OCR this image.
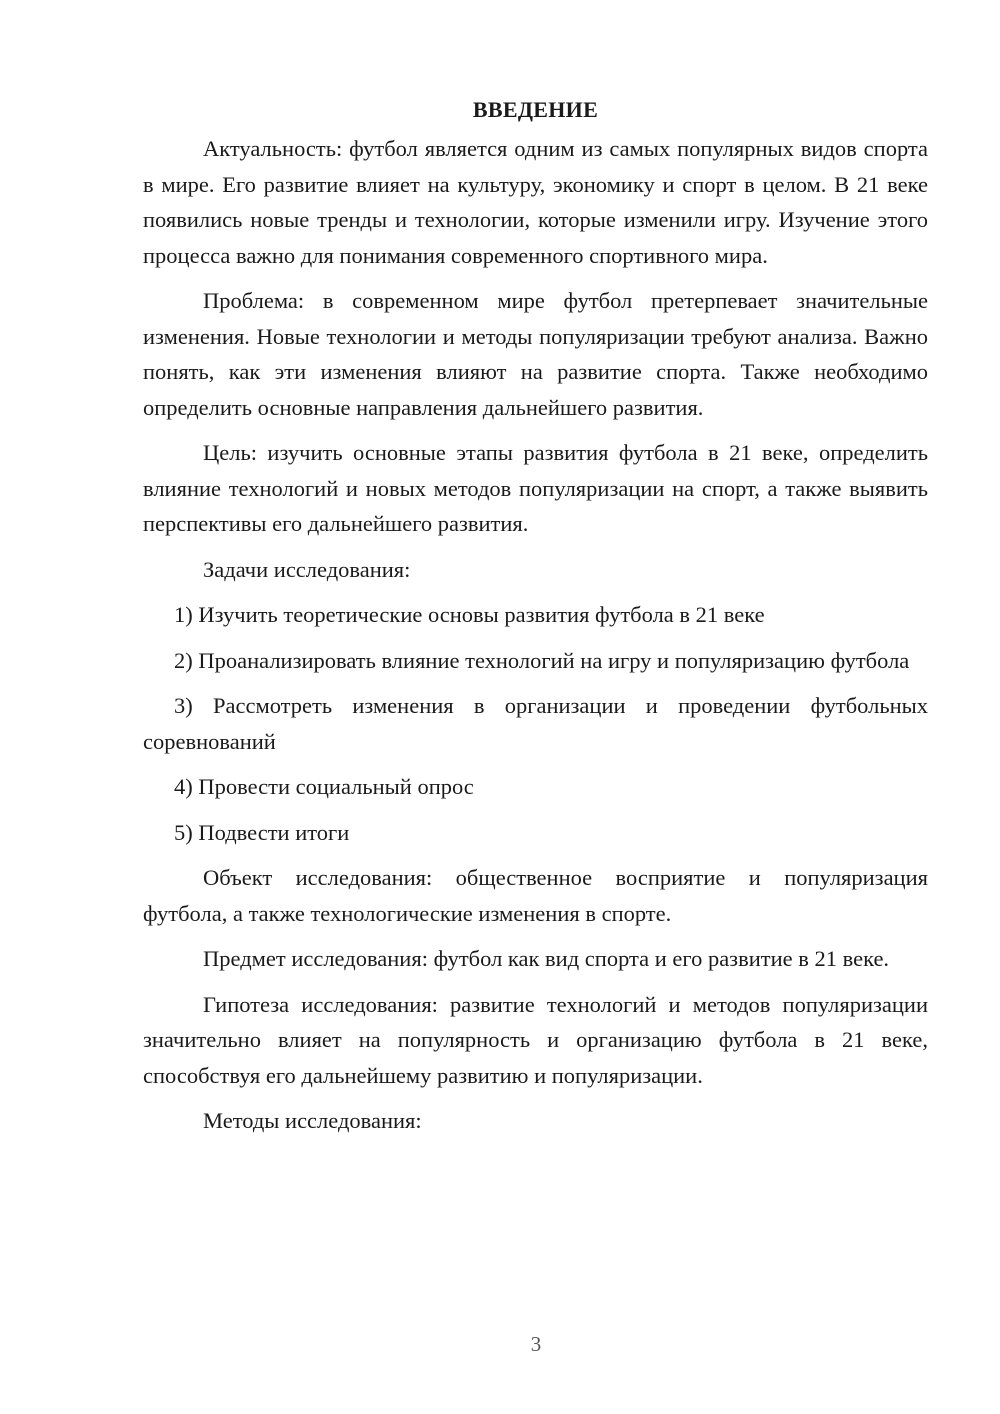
ВВЕДЕНИЕ

Актуальность: футбол является одним из самых популярных видов спорта в мире. Его развитие влияет на культуру, экономику и спорт в целом. В 21 веке появились новые тренды и технологии, которые изменили игру. Изучение этого процесса важно для понимания современного спортивного мира.

Проблема: в современном мире футбол претерпевает значительные изменения. Новые технологии и методы популяризации требуют анализа. Важно понять, как эти изменения влияют на развитие спорта. Также необходимо определить основные направления дальнейшего развития.

Цель: изучить основные этапы развития футбола в 21 веке, определить влияние технологий и новых методов популяризации на спорт, а также выявить перспективы его дальнейшего развития.

Задачи исследования:

1) Изучить теоретические основы развития футбола в 21 веке

2) Проанализировать влияние технологий на игру и популяризацию футбола

3) Рассмотреть изменения в организации и проведении футбольных соревнований

4) Провести социальный опрос

5) Подвести итоги

Объект исследования: общественное восприятие и популяризация футбола, а также технологические изменения в спорте.

Предмет исследования: футбол как вид спорта и его развитие в 21 веке.

Гипотеза исследования: развитие технологий и методов популяризации значительно влияет на популярность и организацию футбола в 21 веке, способствуя его дальнейшему развитию и популяризации.

Методы исследования:

3
